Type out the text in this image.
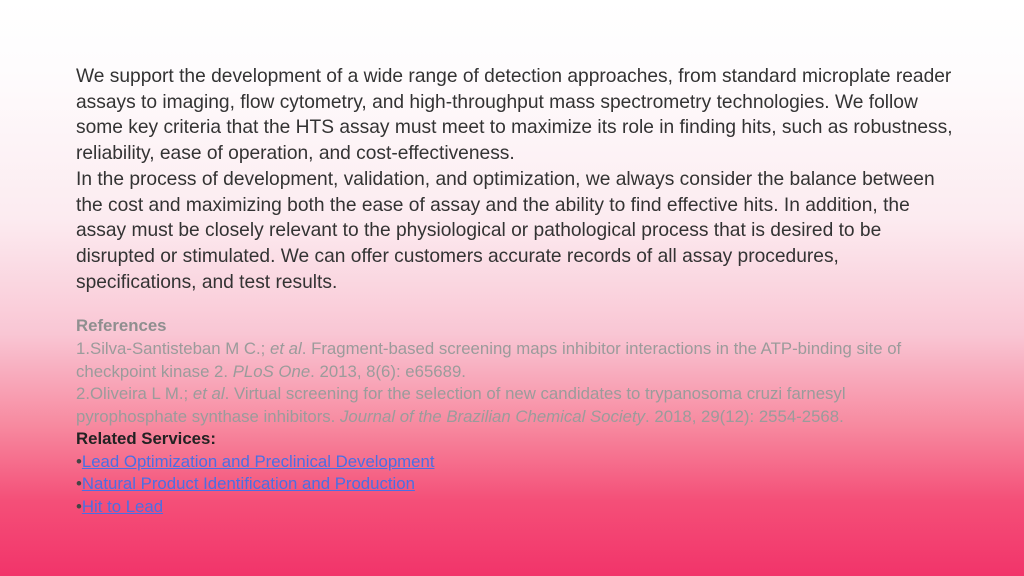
We support the development of a wide range of detection approaches, from standard microplate reader assays to imaging, flow cytometry, and high-throughput mass spectrometry technologies. We follow some key criteria that the HTS assay must meet to maximize its role in finding hits, such as robustness, reliability, ease of operation, and cost-effectiveness.

In the process of development, validation, and optimization, we always consider the balance between the cost and maximizing both the ease of assay and the ability to find effective hits. In addition, the assay must be closely relevant to the physiological or pathological process that is desired to be disrupted or stimulated. We can offer customers accurate records of all assay procedures, specifications, and test results.

References

1.Silva-Santisteban M C.; et al. Fragment-based screening maps inhibitor interactions in the ATP-binding site of checkpoint kinase 2. PLoS One. 2013, 8(6): e65689.

2.Oliveira L M.; et al. Virtual screening for the selection of new candidates to trypanosoma cruzi farnesyl pyrophosphate synthase inhibitors. Journal of the Brazilian Chemical Society. 2018, 29(12): 2554-2568.

Related Services:

•Lead Optimization and Preclinical Development

•Natural Product Identification and Production

•Hit to Lead
